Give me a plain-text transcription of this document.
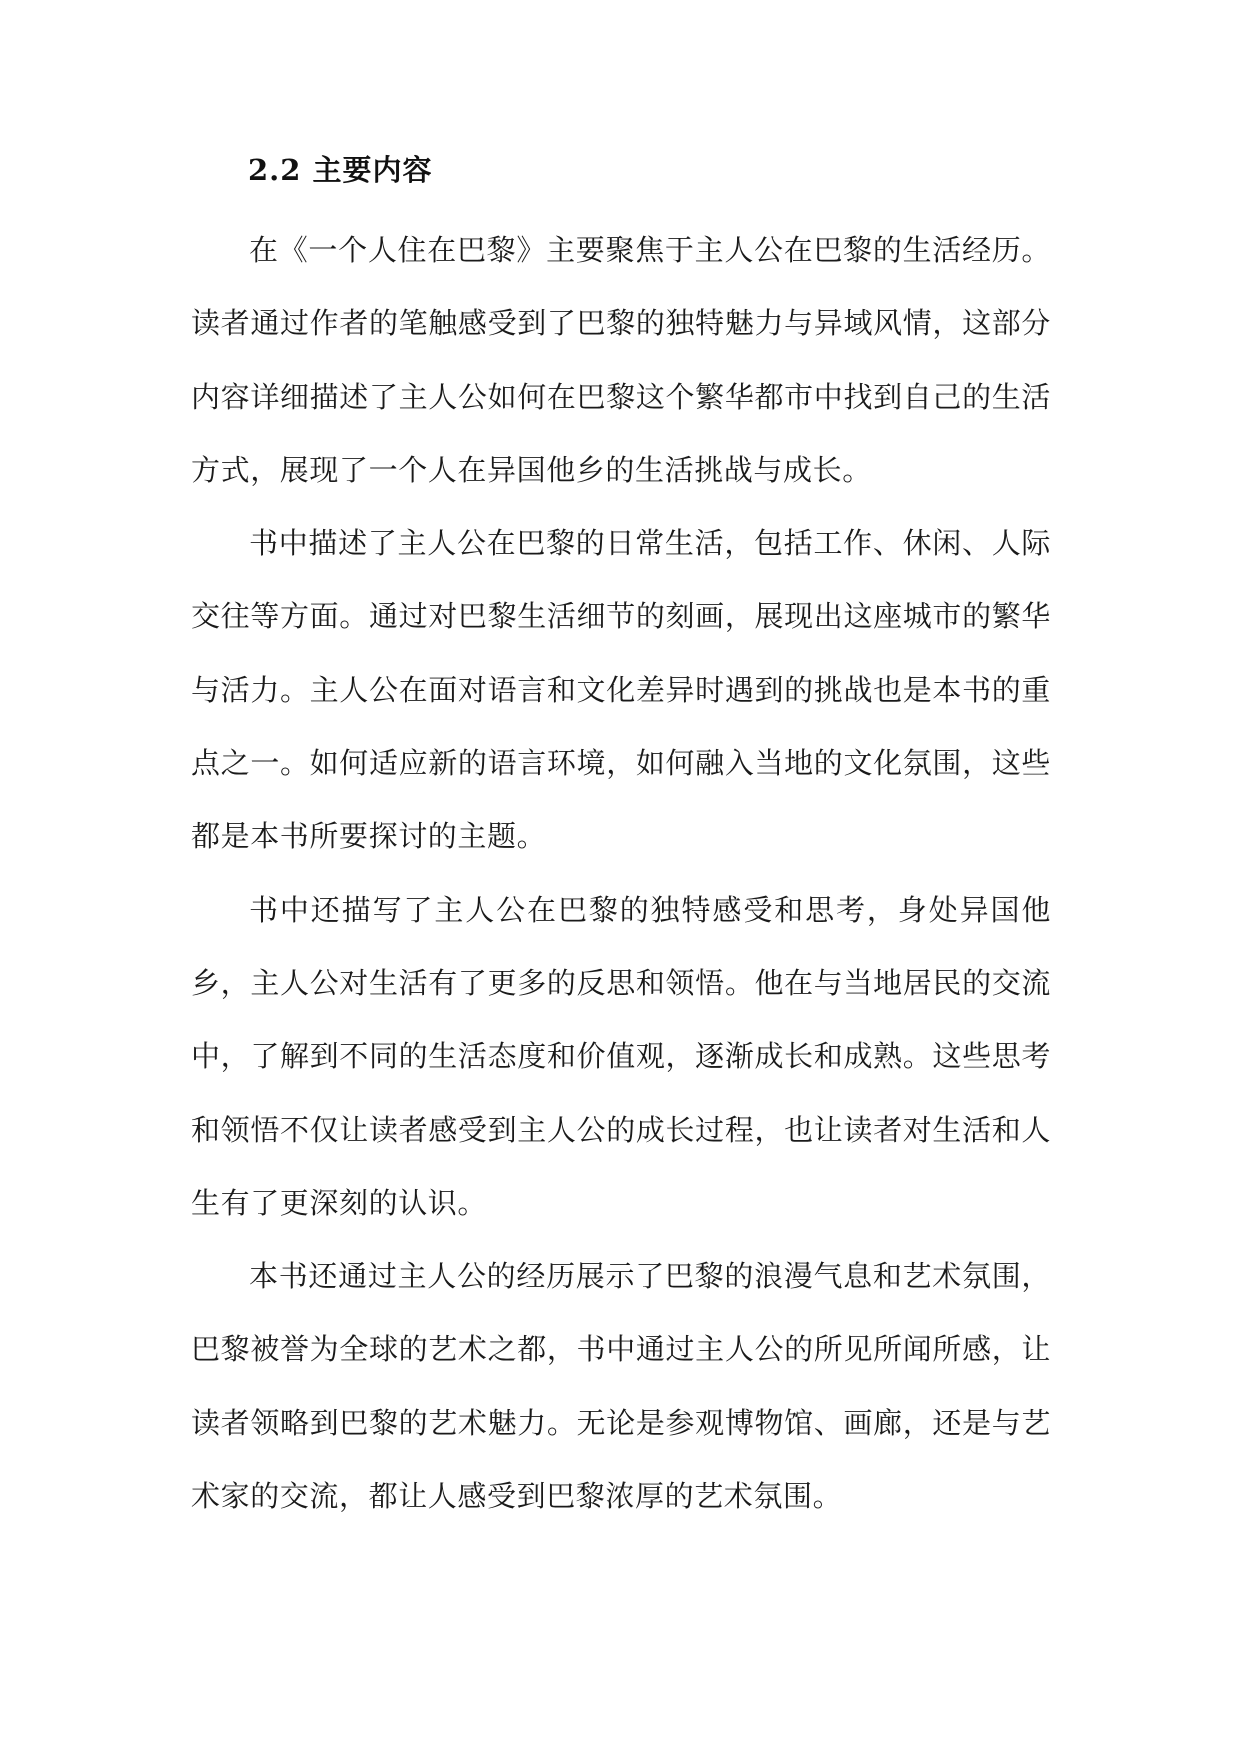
2.2 主要内容

在《一个人住在巴黎》主要聚焦于主人公在巴黎的生活经历。读者通过作者的笔触感受到了巴黎的独特魅力与异域风情，这部分内容详细描述了主人公如何在巴黎这个繁华都市中找到自己的生活方式，展现了一个人在异国他乡的生活挑战与成长。

书中描述了主人公在巴黎的日常生活，包括工作、休闲、人际交往等方面。通过对巴黎生活细节的刻画，展现出这座城市的繁华与活力。主人公在面对语言和文化差异时遇到的挑战也是本书的重点之一。如何适应新的语言环境，如何融入当地的文化氛围，这些都是本书所要探讨的主题。

书中还描写了主人公在巴黎的独特感受和思考，身处异国他乡，主人公对生活有了更多的反思和领悟。他在与当地居民的交流中，了解到不同的生活态度和价值观，逐渐成长和成熟。这些思考和领悟不仅让读者感受到主人公的成长过程，也让读者对生活和人生有了更深刻的认识。

本书还通过主人公的经历展示了巴黎的浪漫气息和艺术氛围，巴黎被誉为全球的艺术之都，书中通过主人公的所见所闻所感，让读者领略到巴黎的艺术魅力。无论是参观博物馆、画廊，还是与艺术家的交流，都让人感受到巴黎浓厚的艺术氛围。
